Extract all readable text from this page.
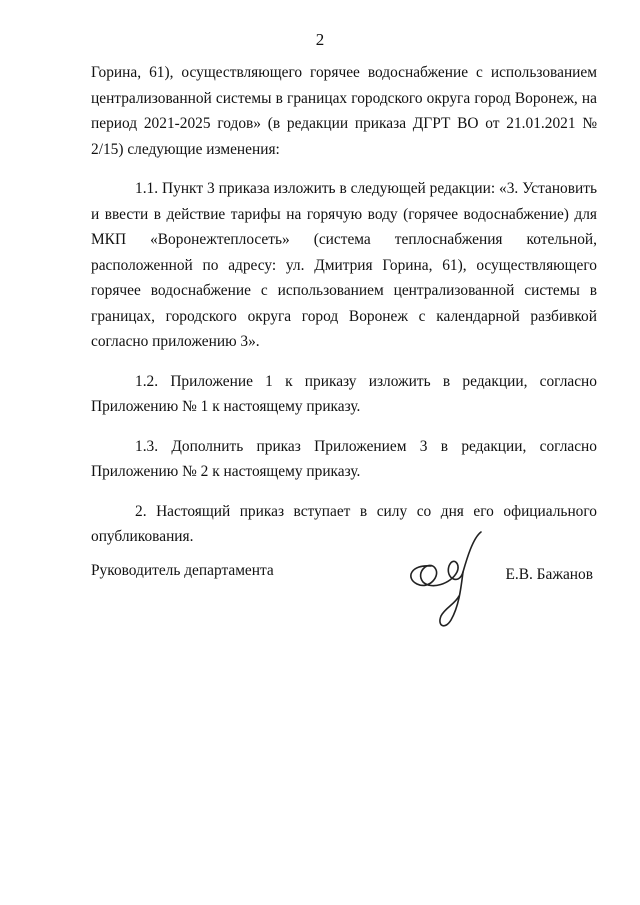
2

Горина, 61), осуществляющего горячее водоснабжение с использованием централизованной системы в границах городского округа город Воронеж, на период 2021-2025 годов» (в редакции приказа ДГРТ ВО от 21.01.2021 № 2/15) следующие изменения:

1.1. Пункт 3 приказа изложить в следующей редакции: «3. Установить и ввести в действие тарифы на горячую воду (горячее водоснабжение) для МКП «Воронежтеплосеть» (система теплоснабжения котельной, расположенной по адресу: ул. Дмитрия Горина, 61), осуществляющего горячее водоснабжение с использованием централизованной системы в границах, городского округа город Воронеж с календарной разбивкой согласно приложению 3».

1.2. Приложение 1 к приказу изложить в редакции, согласно Приложению № 1 к настоящему приказу.

1.3. Дополнить приказ Приложением 3 в редакции, согласно Приложению № 2 к настоящему приказу.

2. Настоящий приказ вступает в силу со дня его официального опубликования.

Руководитель департамента	Е.В. Бажанов
